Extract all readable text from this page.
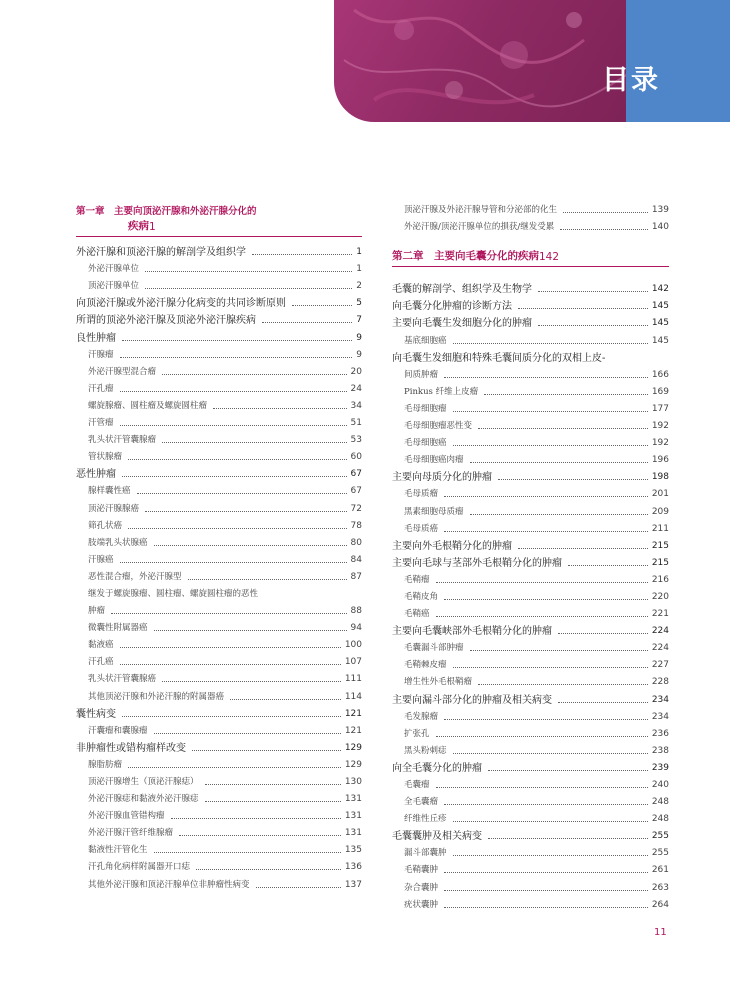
目录
第一章　主要向顶泌汗腺和外泌汗腺分化的
疾病 1
外泌汗腺和顶泌汗腺的解剖学及组织学	1
外泌汗腺单位	1
顶泌汗腺单位	2
向顶泌汗腺或外泌汗腺分化病变的共同诊断原则	5
所谓的顶泌外泌汗腺及顶泌外泌汗腺疾病	7
良性肿瘤	9
汗腺瘤	9
外泌汗腺型混合瘤	20
汗孔瘤	24
螺旋腺瘤、圆柱瘤及螺旋圆柱瘤	34
汗管瘤	51
乳头状汗管囊腺瘤	53
管状腺瘤	60
恶性肿瘤	67
腺样囊性癌	67
顶泌汗腺腺癌	72
筛孔状癌	78
肢端乳头状腺癌	80
汗腺癌	84
恶性混合瘤，外泌汗腺型	87
继发于螺旋腺瘤、圆柱瘤、螺旋圆柱瘤的恶性
肿瘤	88
微囊性附属器癌	94
黏液癌	100
汗孔癌	107
乳头状汗管囊腺癌	111
其他顶泌汗腺和外泌汗腺的附属器癌	114
囊性病变	121
汗囊瘤和囊腺瘤	121
非肿瘤性或错构瘤样改变	129
腺脂肪瘤	129
顶泌汗腺增生（顶泌汗腺痣）	130
外泌汗腺痣和黏液外泌汗腺痣	131
外泌汗腺血管错构瘤	131
外泌汗腺汗管纤维腺瘤	131
黏液性汗管化生	135
汗孔角化病样附属器开口痣	136
其他外泌汗腺和顶泌汗腺单位非肿瘤性病变	137
顶泌汗腺及外泌汗腺导管和分泌部的化生	139
外泌汗腺/顶泌汗腺单位的損获/继发受累	140
第二章　主要向毛囊分化的疾病 142
毛囊的解剖学、组织学及生物学	142
向毛囊分化肿瘤的诊断方法	145
主要向毛囊生发细胞分化的肿瘤	145
基底细胞癌	145
向毛囊生发细胞和特殊毛囊间质分化的双相上皮-
间质肿瘤	166
Pinkus 纤维上皮瘤	169
毛母细胞瘤	177
毛母细胞瘤恶性变	192
毛母细胞癌	192
毛母细胞癌肉瘤	196
主要向母质分化的肿瘤	198
毛母质瘤	201
黑素细胞母质瘤	209
毛母质癌	211
主要向外毛根鞘分化的肿瘤	215
主要向毛球与茎部外毛根鞘分化的肿瘤	215
毛鞘瘤	216
毛鞘皮角	220
毛鞘癌	221
主要向毛囊峡部外毛根鞘分化的肿瘤	224
毛囊漏斗部肿瘤	224
毛鞘棘皮瘤	227
增生性外毛根鞘瘤	228
主要向漏斗部分化的肿瘤及相关病变	234
毛发腺瘤	234
扩张孔	236
黑头粉刺痣	238
向全毛囊分化的肿瘤	239
毛囊瘤	240
全毛囊瘤	248
纤维性丘疹	248
毛囊囊肿及相关病变	255
漏斗部囊肿	255
毛鞘囊肿	261
杂合囊肿	263
疣状囊肿	264
11
